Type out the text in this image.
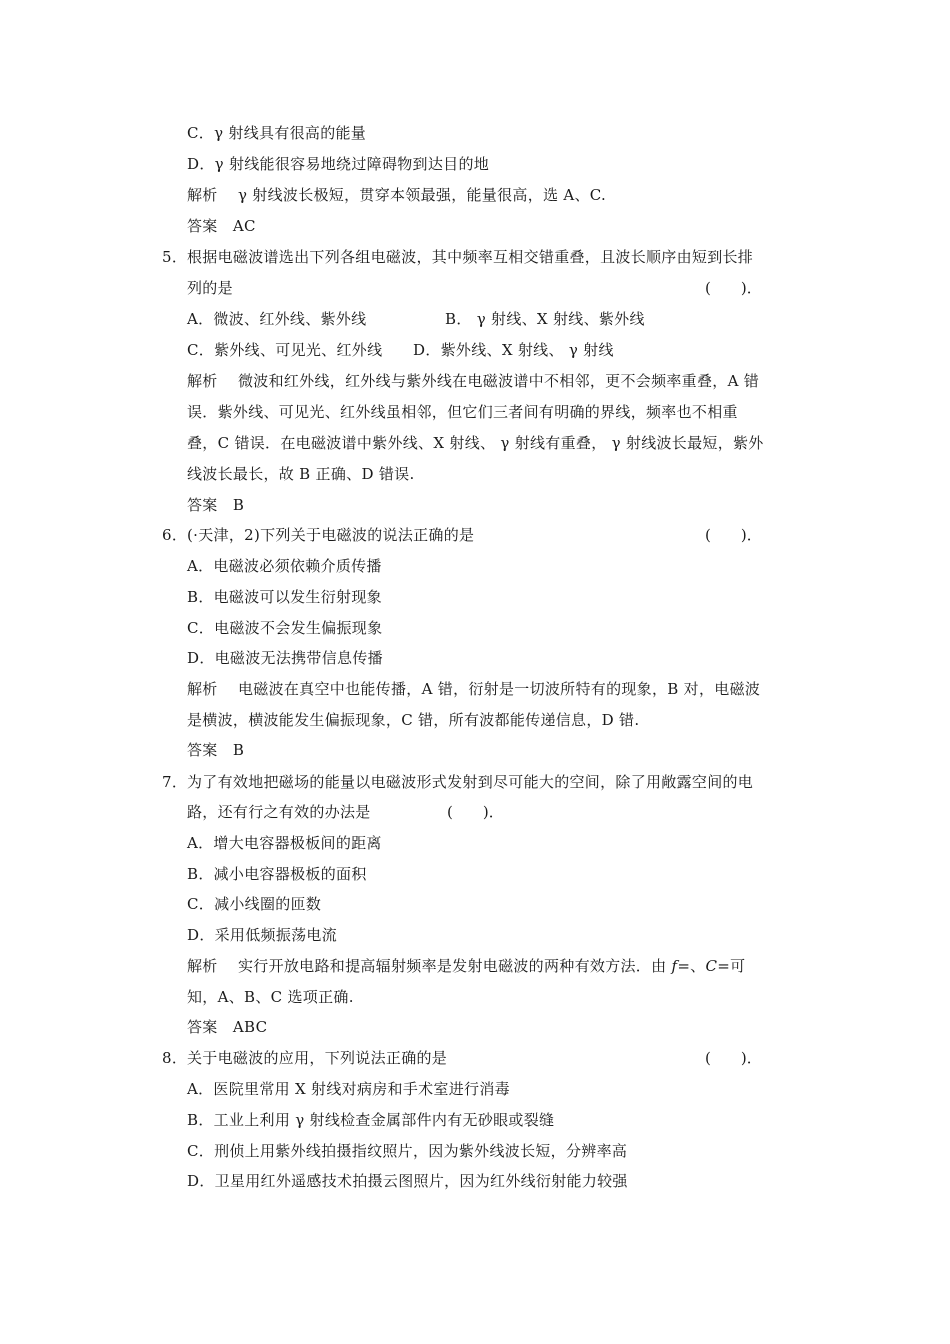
C．γ 射线具有很高的能量
D．γ 射线能很容易地绕过障碍物到达目的地
解析　 γ 射线波长极短，贯穿本领最强，能量很高，选 A、C.
答案　AC
5． 根据电磁波谱选出下列各组电磁波，其中频率互相交错重叠，且波长顺序由短到长排
列的是	(　　)．
A．微波、红外线、紫外线	B． γ 射线、X 射线、紫外线
C．紫外线、可见光、红外线 D．紫外线、X 射线、 γ 射线
解析　 微波和红外线，红外线与紫外线在电磁波谱中不相邻，更不会频率重叠，A 错
误．紫外线、可见光、红外线虽相邻，但它们三者间有明确的界线，频率也不相重
叠，C 错误．在电磁波谱中紫外线、X 射线、 γ 射线有重叠， γ 射线波长最短，紫外
线波长最长，故 B 正确、D 错误.
答案　B
6． (·天津，2)下列关于电磁波的说法正确的是	(　　)．
A．电磁波必须依赖介质传播
B．电磁波可以发生衍射现象
C．电磁波不会发生偏振现象
D．电磁波无法携带信息传播
解析　 电磁波在真空中也能传播，A 错，衍射是一切波所特有的现象，B 对，电磁波
是横波，横波能发生偏振现象，C 错，所有波都能传递信息，D 错.
答案　B
7． 为了有效地把磁场的能量以电磁波形式发射到尽可能大的空间，除了用敞露空间的电
路，还有行之有效的办法是	(　　)．
A．增大电容器极板间的距离
B．减小电容器极板的面积
C．减小线圈的匝数
D．采用低频振荡电流
解析　 实行开放电路和提高辐射频率是发射电磁波的两种有效方法．由 f=、C=可
知，A、B、C 选项正确.
答案　ABC
8． 关于电磁波的应用，下列说法正确的是	(　　)．
A．医院里常用 X 射线对病房和手术室进行消毒
B．工业上利用 γ 射线检查金属部件内有无砂眼或裂缝
C．刑侦上用紫外线拍摄指纹照片，因为紫外线波长短，分辨率高
D．卫星用红外遥感技术拍摄云图照片，因为红外线衍射能力较强
